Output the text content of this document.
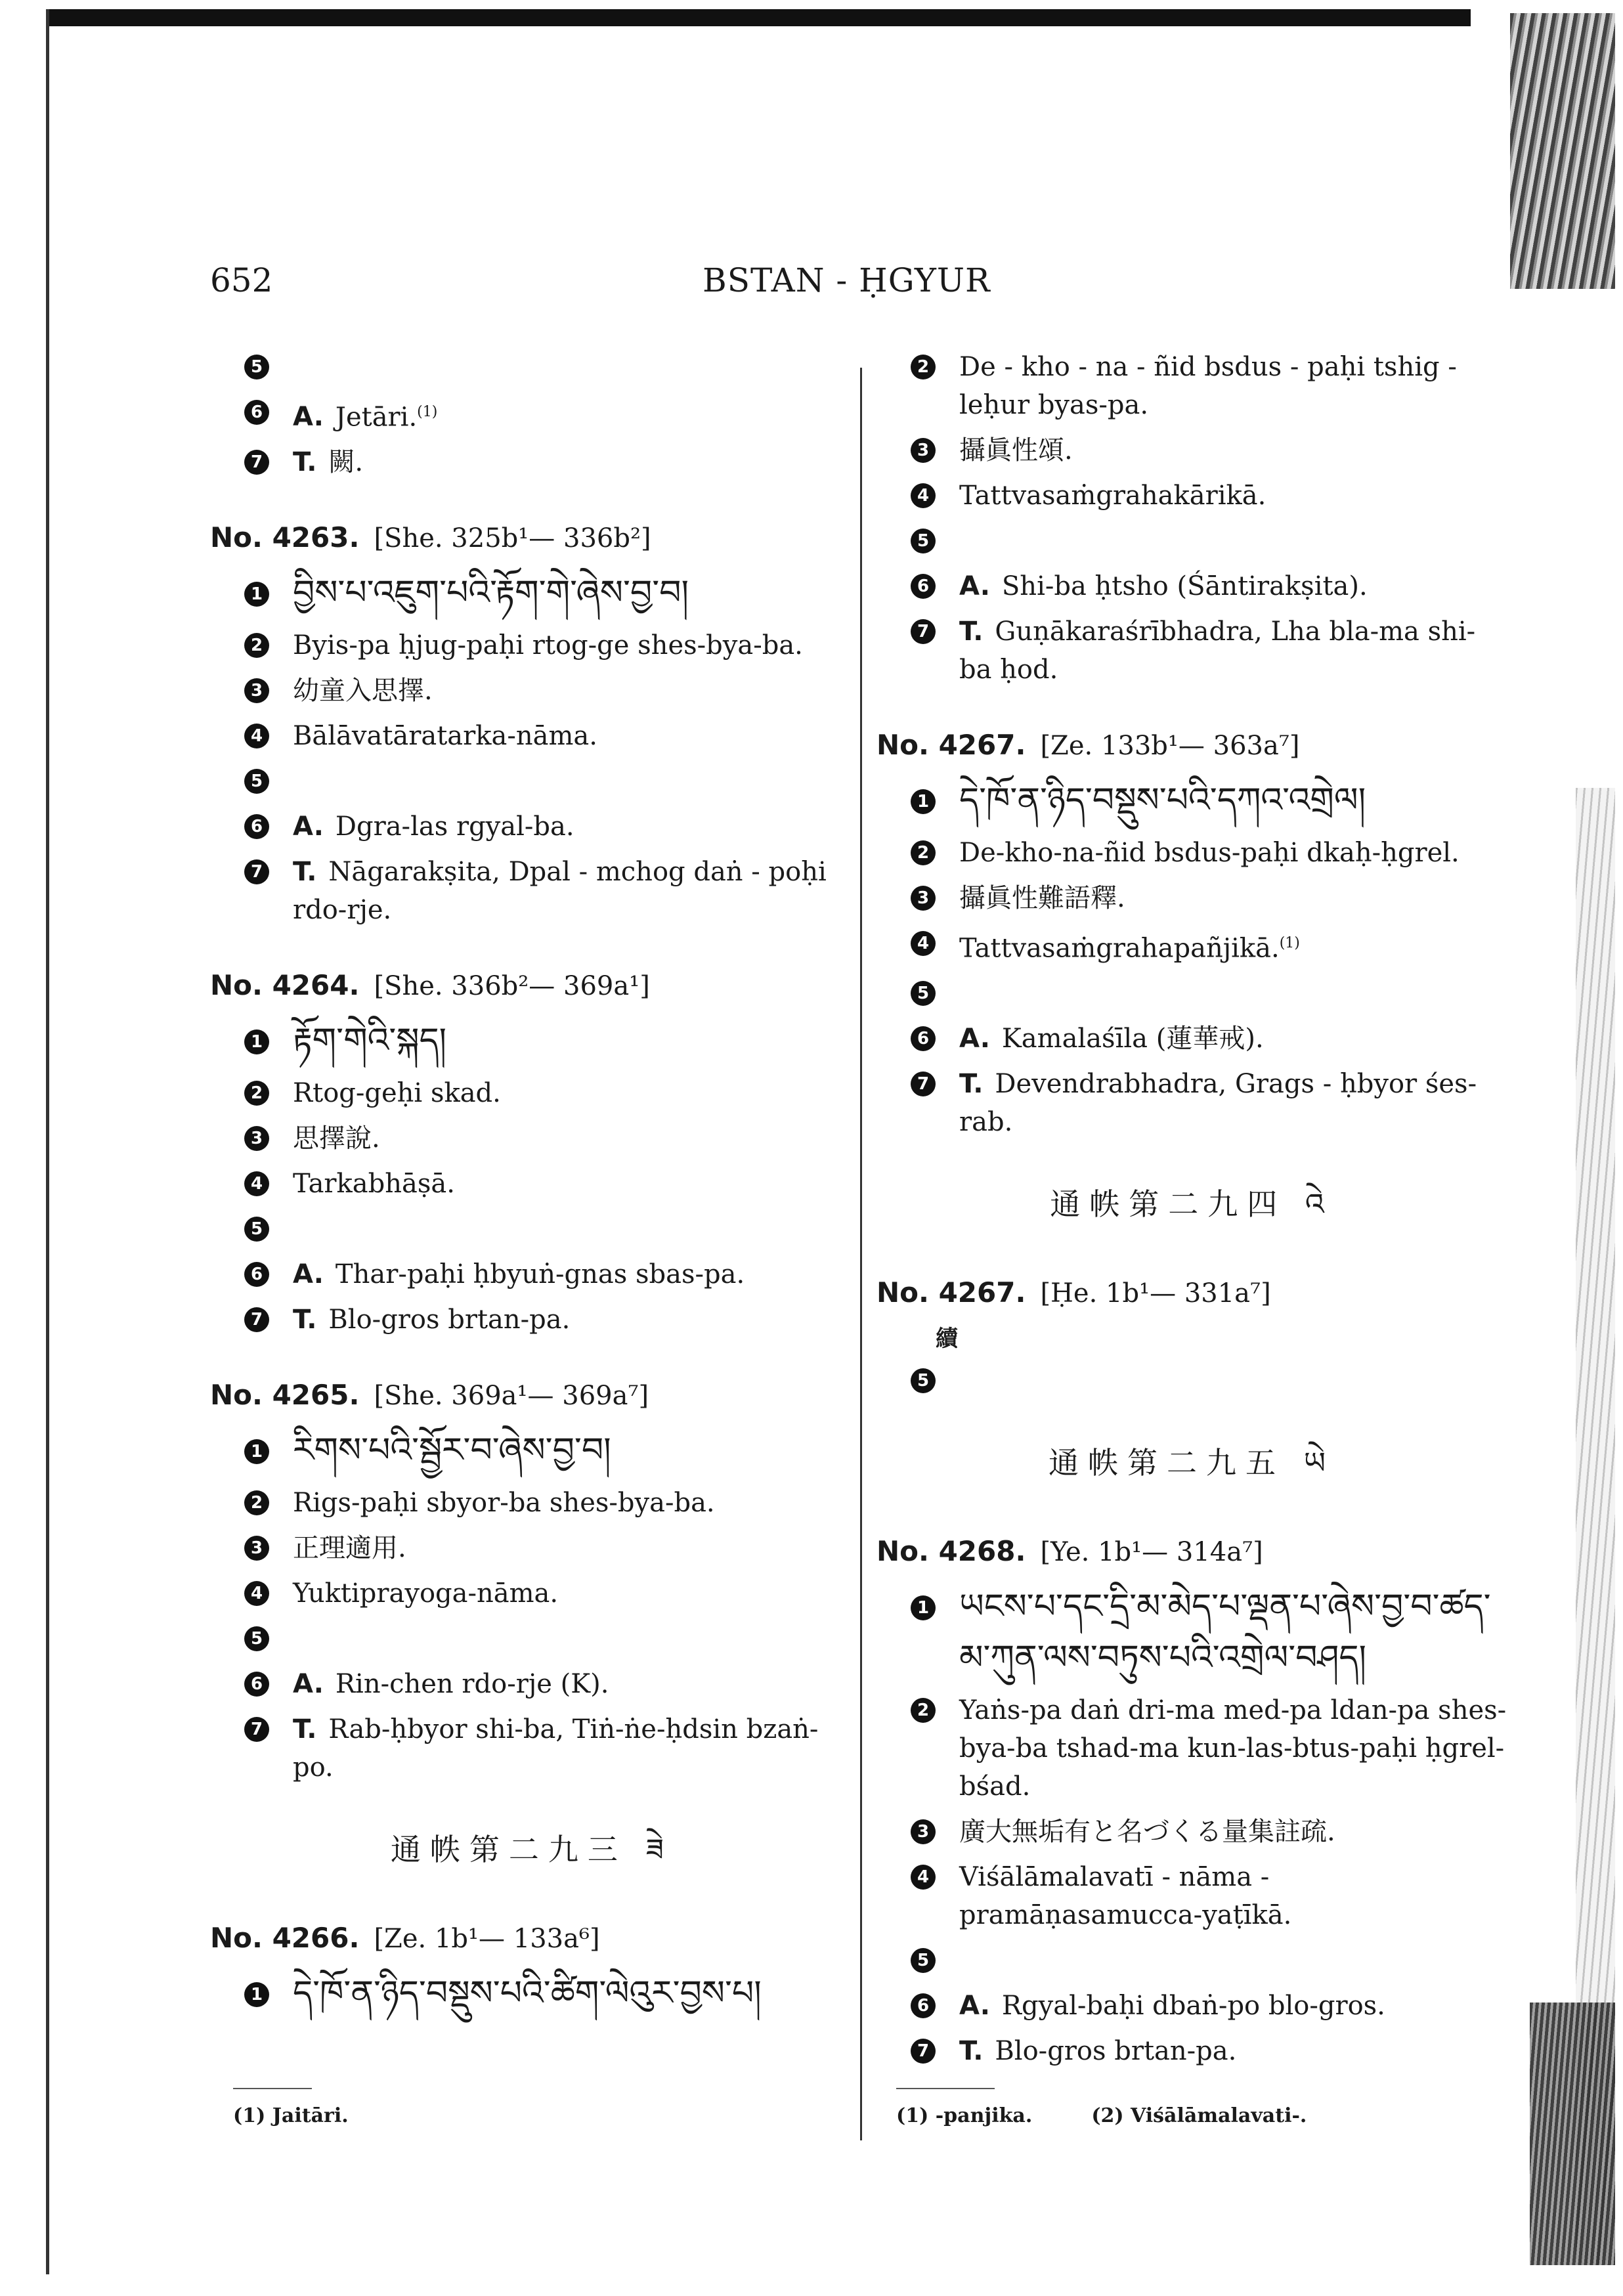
652	BSTAN - ḤGYUR
5
6 A. Jetāri.$^{(1)}$
7 T. 闕.
No. 4263. [She. 325b¹— 336b²]
1 བྱིས་པ་འཇུག་པའི་རྟོག་གེ་ཞེས་བྱ་བ།
2 Byis-pa ḥjug-paḥi rtog-ge shes-bya-ba.
3 幼童入思擇.
4 Bālāvatāratarka-nāma.
5
6 A. Dgra-las rgyal-ba.
7 T. Nāgarakṣita, Dpal - mchog daṅ - poḥi rdo-rje.
No. 4264. [She. 336b²— 369a¹]
1 རྟོག་གེའི་སྐད།
2 Rtog-geḥi skad.
3 思擇說.
4 Tarkabhāṣā.
5
6 A. Thar-paḥi ḥbyuṅ-gnas sbas-pa.
7 T. Blo-gros brtan-pa.
No. 4265. [She. 369a¹— 369a⁷]
1 རིགས་པའི་སྦྱོར་བ་ཞེས་བྱ་བ།
2 Rigs-paḥi sbyor-ba shes-bya-ba.
3 正理適用.
4 Yuktiprayoga-nāma.
5
6 A. Rin-chen rdo-rje (K).
7 T. Rab-ḥbyor shi-ba, Tiṅ-ṅe-ḥdsin bzaṅ-po.
通帙第二九三 ཟེ
No. 4266. [Ze. 1b¹— 133a⁶]
1 དེ་ཁོ་ན་ཉིད་བསྡུས་པའི་ཚིག་ལེའུར་བྱས་པ།
2 De - kho - na - ñid bsdus - paḥi tshig - leḥur byas-pa.
3 攝眞性頌.
4 Tattvasaṁgrahakārikā.
5
6 A. Shi-ba ḥtsho (Śāntirakṣita).
7 T. Guṇākaraśrībhadra, Lha bla-ma shi-ba ḥod.
No. 4267. [Ze. 133b¹— 363a⁷]
1 དེ་ཁོ་ན་ཉིད་བསྡུས་པའི་དཀའ་འགྲེལ།
2 De-kho-na-ñid bsdus-paḥi dkaḥ-ḥgrel.
3 攝眞性難語釋.
4 Tattvasaṁgrahapañjikā.$^{(1)}$
5
6 A. Kamalaśīla (蓮華戒).
7 T. Devendrabhadra, Grags - ḥbyor śes-rab.
通帙第二九四 འེ
No. 4267. [Ḥe. 1b¹— 331a⁷]
續
5
通帙第二九五 ཡེ
No. 4268. [Ye. 1b¹— 314a⁷]
1 ཡངས་པ་དང་དྲི་མ་མེད་པ་ལྡན་པ་ཞེས་བྱ་བ་ཚད་
མ་ཀུན་ལས་བཏུས་པའི་འགྲེལ་བཤད།
2 Yaṅs-pa daṅ dri-ma med-pa ldan-pa shes-bya-ba tshad-ma kun-las-btus-paḥi ḥgrel-bśad.
3 廣大無垢有と名づくる量集註疏.
4 Viśālāmalavatī - nāma - pramāṇasamucca-yaṭīkā.
5
6 A. Rgyal-baḥi dbaṅ-po blo-gros.
7 T. Blo-gros brtan-pa.
(1) Jaitāri.	(1) -panjika.	(2) Viśālāmalavati-.
